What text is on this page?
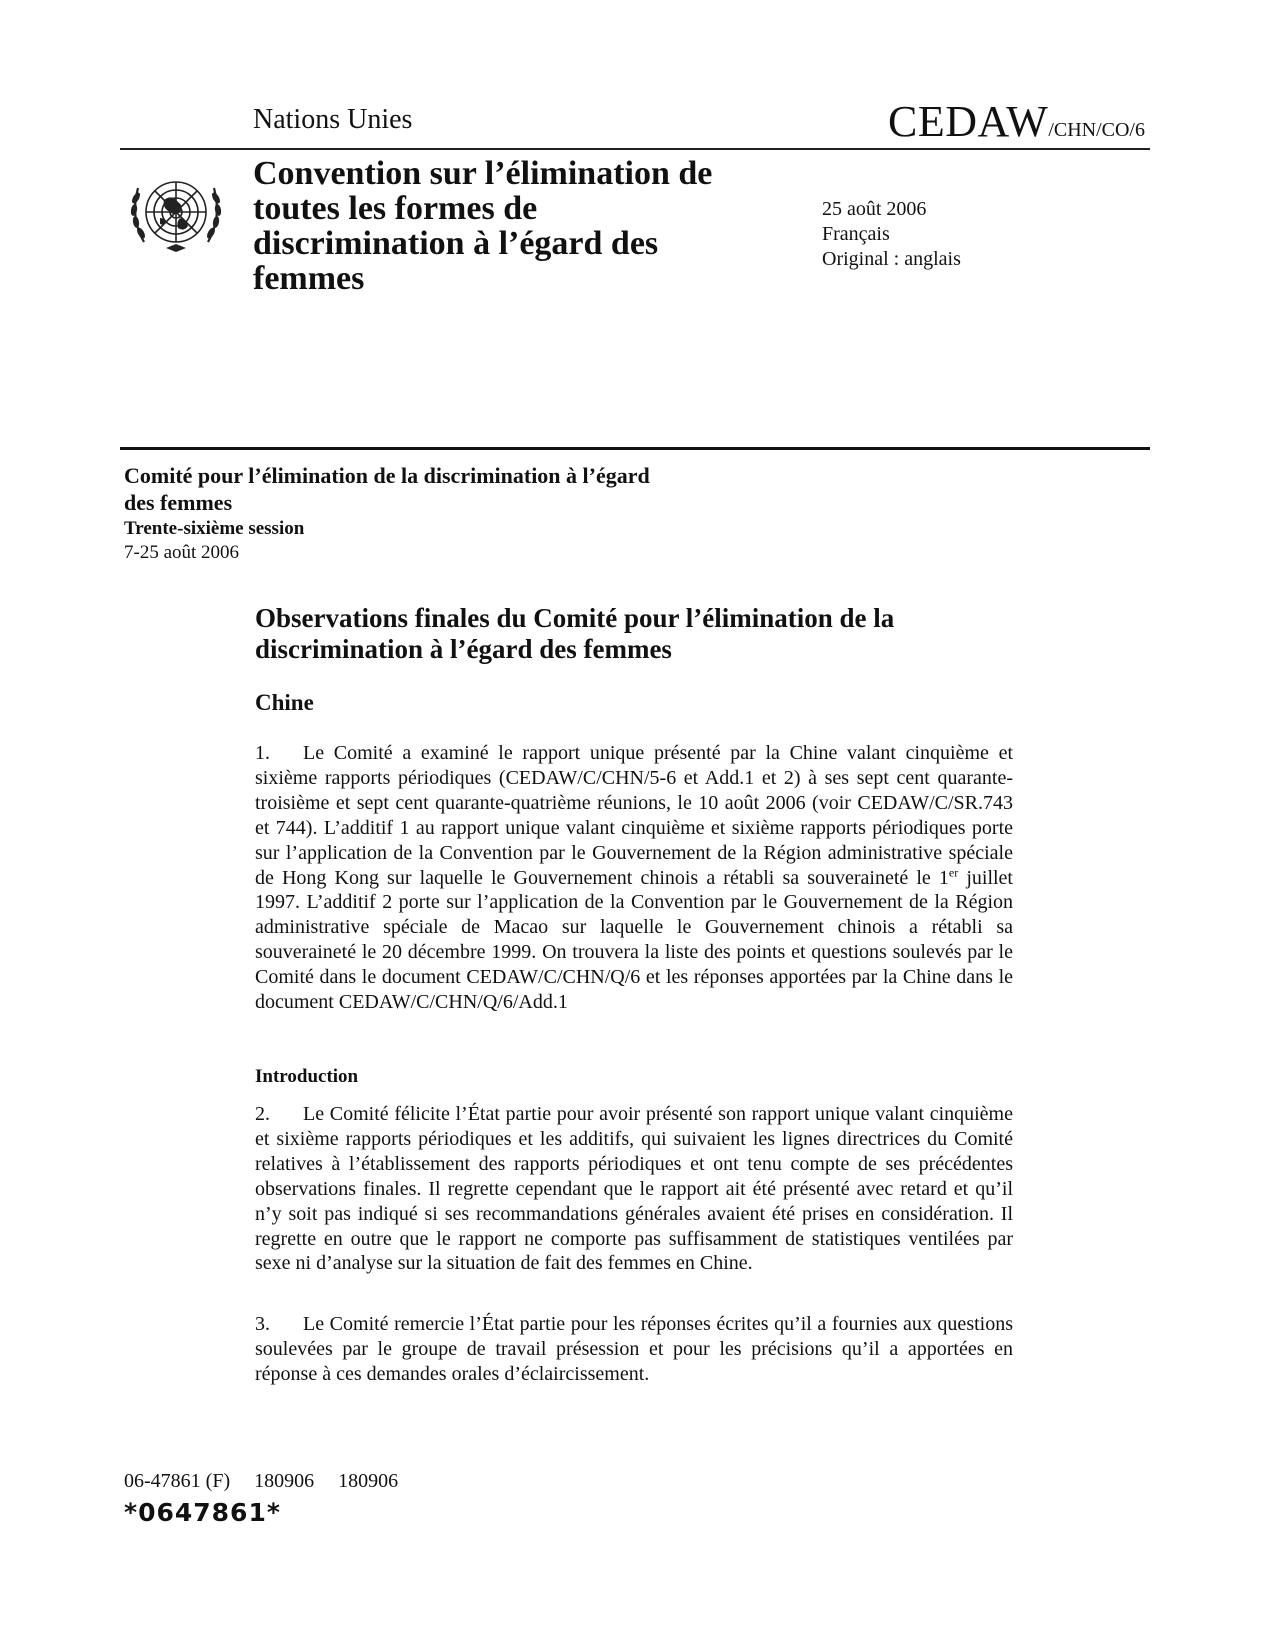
Nations Unies	CEDAW/CHN/CO/6
Convention sur l’élimination de toutes les formes de discrimination à l’égard des femmes
25 août 2006
Français
Original : anglais
Comité pour l’élimination de la discrimination à l’égard des femmes
Trente-sixième session
7-25 août 2006
Observations finales du Comité pour l’élimination de la discrimination à l’égard des femmes
Chine
1. Le Comité a examiné le rapport unique présenté par la Chine valant cinquième et sixième rapports périodiques (CEDAW/C/CHN/5-6 et Add.1 et 2) à ses sept cent quarante-troisième et sept cent quarante-quatrième réunions, le 10 août 2006 (voir CEDAW/C/SR.743 et 744). L’additif 1 au rapport unique valant cinquième et sixième rapports périodiques porte sur l’application de la Convention par le Gouvernement de la Région administrative spéciale de Hong Kong sur laquelle le Gouvernement chinois a rétabli sa souveraineté le 1er juillet 1997. L’additif 2 porte sur l’application de la Convention par le Gouvernement de la Région administrative spéciale de Macao sur laquelle le Gouvernement chinois a rétabli sa souveraineté le 20 décembre 1999. On trouvera la liste des points et questions soulevés par le Comité dans le document CEDAW/C/CHN/Q/6 et les réponses apportées par la Chine dans le document CEDAW/C/CHN/Q/6/Add.1
Introduction
2. Le Comité félicite l’État partie pour avoir présenté son rapport unique valant cinquième et sixième rapports périodiques et les additifs, qui suivaient les lignes directrices du Comité relatives à l’établissement des rapports périodiques et ont tenu compte de ses précédentes observations finales. Il regrette cependant que le rapport ait été présenté avec retard et qu’il n’y soit pas indiqué si ses recommandations générales avaient été prises en considération. Il regrette en outre que le rapport ne comporte pas suffisamment de statistiques ventilées par sexe ni d’analyse sur la situation de fait des femmes en Chine.
3. Le Comité remercie l’État partie pour les réponses écrites qu’il a fournies aux questions soulevées par le groupe de travail présession et pour les précisions qu’il a apportées en réponse à ces demandes orales d’éclaircissement.
06-47861 (F) 180906 180906
*0647861*
